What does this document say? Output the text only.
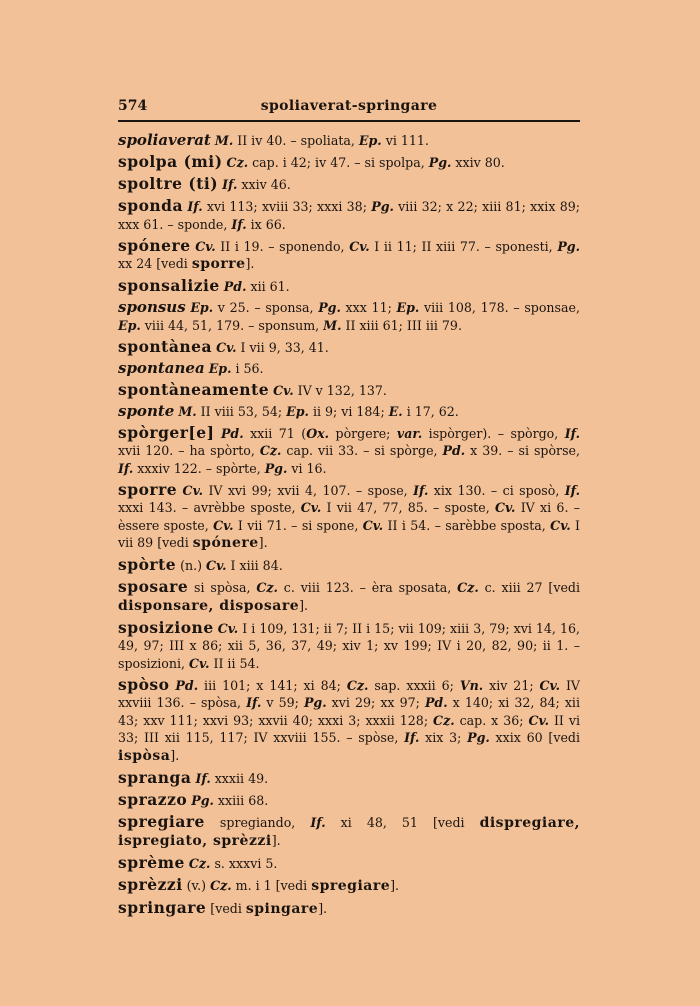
574	spoliaverat-springare
spoliaverat M. II iv 40. – spoliata, Ep. vi 111.
spolpa (mi) Cz. cap. i 42; iv 47. – si spolpa, Pg. xxiv 80.
spoltre (ti) If. xxiv 46.
sponda If. xvi 113; xviii 33; xxxi 38; Pg. viii 32; x 22; xiii 81; xxix 89; xxx 61. – sponde, If. ix 66.
spónere Cv. II i 19. – sponendo, Cv. I ii 11; II xiii 77. – sponesti, Pg. xx 24 [vedi sporre].
sponsalizie Pd. xii 61.
sponsus Ep. v 25. – sponsa, Pg. xxx 11; Ep. viii 108, 178. – sponsae, Ep. viii 44, 51, 179. – sponsum, M. II xiii 61; III iii 79.
spontànea Cv. I vii 9, 33, 41.
spontanea Ep. i 56.
spontàneamente Cv. IV v 132, 137.
sponte M. II viii 53, 54; Ep. ii 9; vi 184; E. i 17, 62.
spòrger[e] Pd. xxii 71 (Ox. pòrgere; var. ispòrger). – spòrgo, If. xvii 120. – ha spòrto, Cz. cap. vii 33. – si spòrge, Pd. x 39. – si spòrse, If. xxxiv 122. – spòrte, Pg. vi 16.
sporre Cv. IV xvi 99; xvii 4, 107. – spose, If. xix 130. – ci sposò, If. xxxi 143. – avrèbbe sposte, Cv. I vii 47, 77, 85. – sposte, Cv. IV xi 6. – èssere sposte, Cv. I vii 71. – si spone, Cv. II i 54. – sarèbbe sposta, Cv. I vii 89 [vedi spónere].
spòrte (n.) Cv. I xiii 84.
sposare si spòsa, Cz. c. viii 123. – èra sposata, Cz. c. xiii 27 [vedi disponsare, disposare].
sposizione Cv. I i 109, 131; ii 7; II i 15; vii 109; xiii 3, 79; xvi 14, 16, 49, 97; III x 86; xii 5, 36, 37, 49; xiv 1; xv 199; IV i 20, 82, 90; ii 1. – sposizioni, Cv. II ii 54.
spòso Pd. iii 101; x 141; xi 84; Cz. sap. xxxii 6; Vn. xiv 21; Cv. IV xxviii 136. – spòsa, If. v 59; Pg. xvi 29; xx 97; Pd. x 140; xi 32, 84; xii 43; xxv 111; xxvi 93; xxvii 40; xxxi 3; xxxii 128; Cz. cap. x 36; Cv. II vi 33; III xii 115, 117; IV xxviii 155. – spòse, If. xix 3; Pg. xxix 60 [vedi ispòsa].
spranga If. xxxii 49.
sprazzo Pg. xxiii 68.
spregiare spregiando, If. xi 48, 51 [vedi dispregiare, ispregiato, sprèzzi].
sprème Cz. s. xxxvi 5.
sprèzzi (v.) Cz. m. i 1 [vedi spregiare].
springare [vedi spingare].
